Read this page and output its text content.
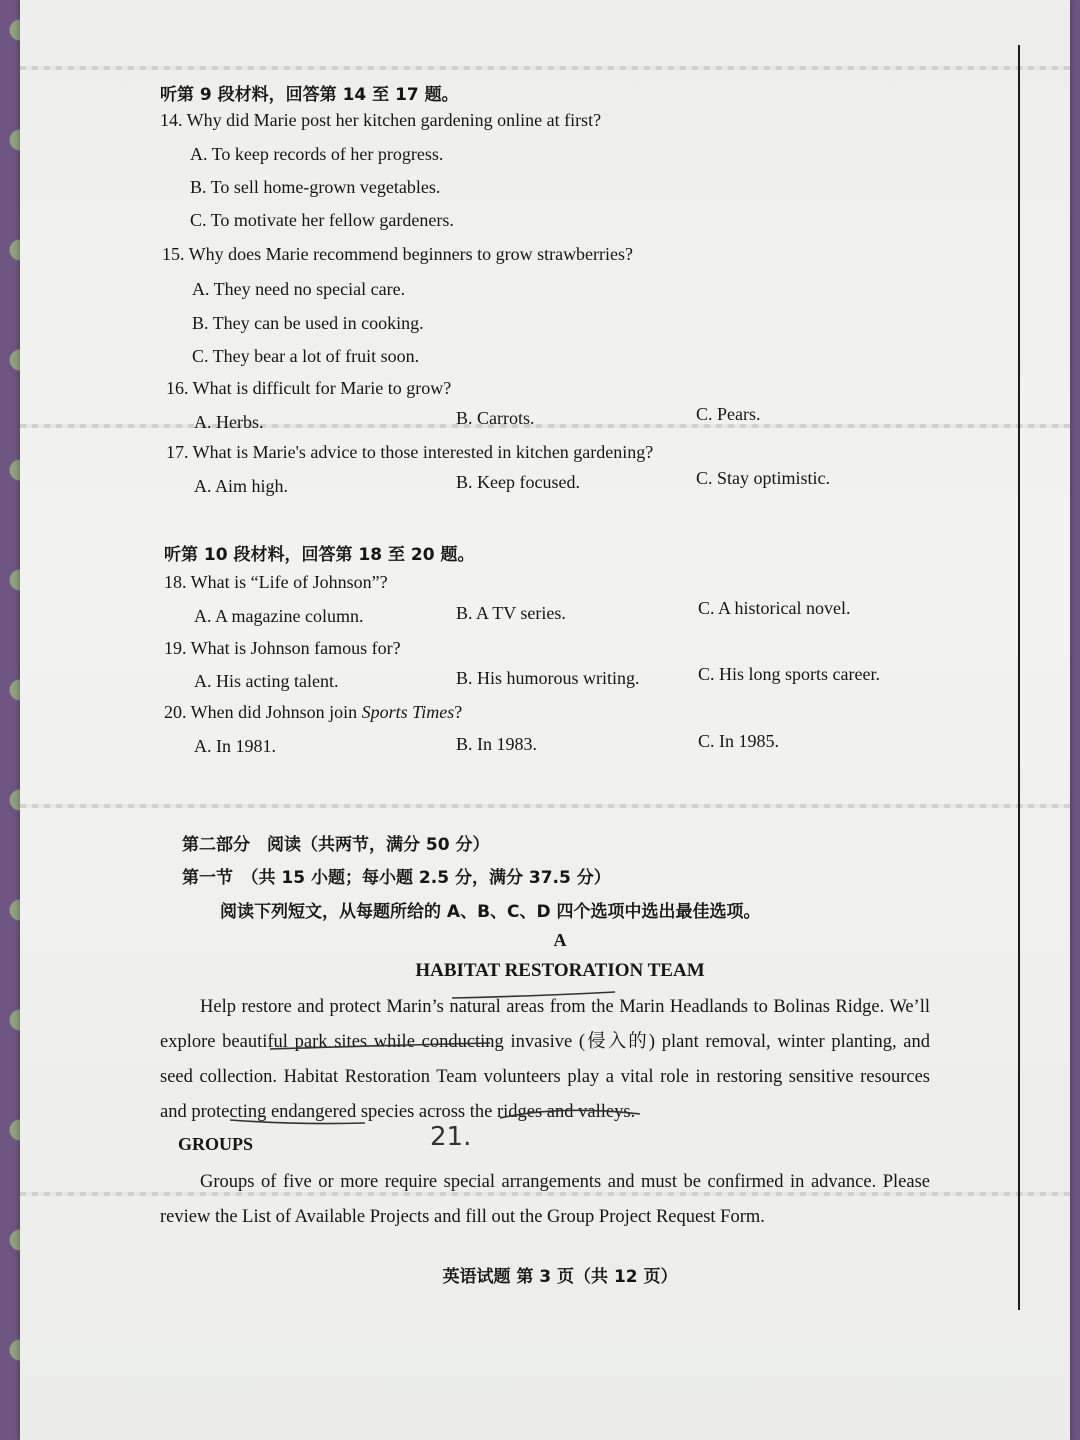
听第 9 段材料，回答第 14 至 17 题。
14. Why did Marie post her kitchen gardening online at first?
A. To keep records of her progress.
B. To sell home-grown vegetables.
C. To motivate her fellow gardeners.
15. Why does Marie recommend beginners to grow strawberries?
A. They need no special care.
B. They can be used in cooking.
C. They bear a lot of fruit soon.
16. What is difficult for Marie to grow?
A. Herbs.	B. Carrots.	C. Pears.
17. What is Marie's advice to those interested in kitchen gardening?
A. Aim high.	B. Keep focused.	C. Stay optimistic.
听第 10 段材料，回答第 18 至 20 题。
18. What is “Life of Johnson”?
A. A magazine column.	B. A TV series.	C. A historical novel.
19. What is Johnson famous for?
A. His acting talent.	B. His humorous writing.	C. His long sports career.
20. When did Johnson join Sports Times?
A. In 1981.	B. In 1983.	C. In 1985.
第二部分　阅读（共两节，满分 50 分）
第一节　（共 15 小题；每小题 2.5 分，满分 37.5 分）
阅读下列短文，从每题所给的 A、B、C、D 四个选项中选出最佳选项。
A
HABITAT RESTORATION TEAM
Help restore and protect Marin’s natural areas from the Marin Headlands to Bolinas Ridge. We’ll explore beautiful park sites while conducting invasive (侵入的) plant removal, winter planting, and seed collection. Habitat Restoration Team volunteers play a vital role in restoring sensitive resources and protecting endangered species across the ridges and valleys.
GROUPS	21.
Groups of five or more require special arrangements and must be confirmed in advance. Please review the List of Available Projects and fill out the Group Project Request Form.
英语试题 第 3 页（共 12 页）
